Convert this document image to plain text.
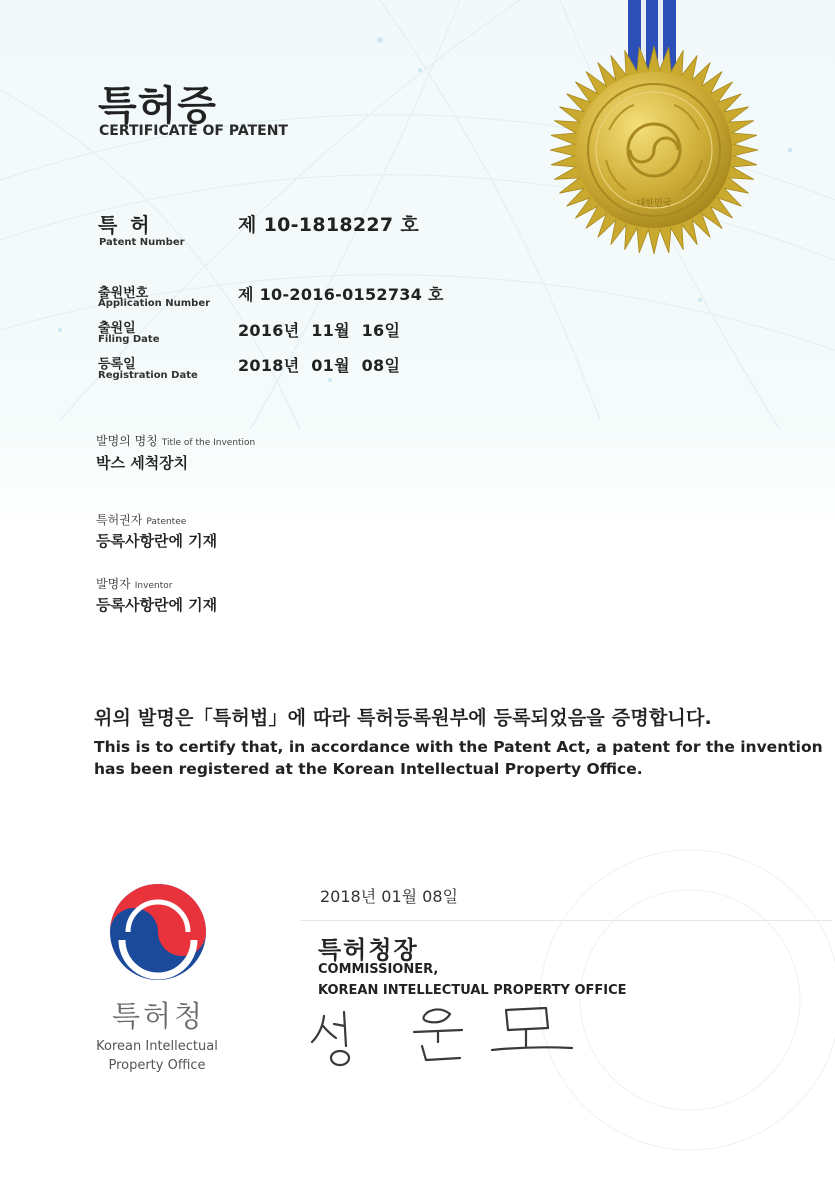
대한민국
특허증
CERTIFICATE OF PATENT
특 허
Patent Number
제 10-1818227 호
출원번호
Application Number 제 10-2016-0152734 호
출원일
Filing Date	2016년  11월  16일
등록일
Registration Date
2018년  01월  08일
발명의 명칭 Title of the Invention
박스 세척장치
특허권자 Patentee
등록사항란에 기재
발명자 Inventor
등록사항란에 기재
위의 발명은「특허법」에 따라 특허등록원부에 등록되었음을 증명합니다.
This is to certify that, in accordance with the Patent Act, a patent for the invention
has been registered at the Korean Intellectual Property Office.
특허청
Korean Intellectual
Property Office
2018년 01월 08일
특허청장
COMMISSIONER,
KOREAN INTELLECTUAL PROPERTY OFFICE
